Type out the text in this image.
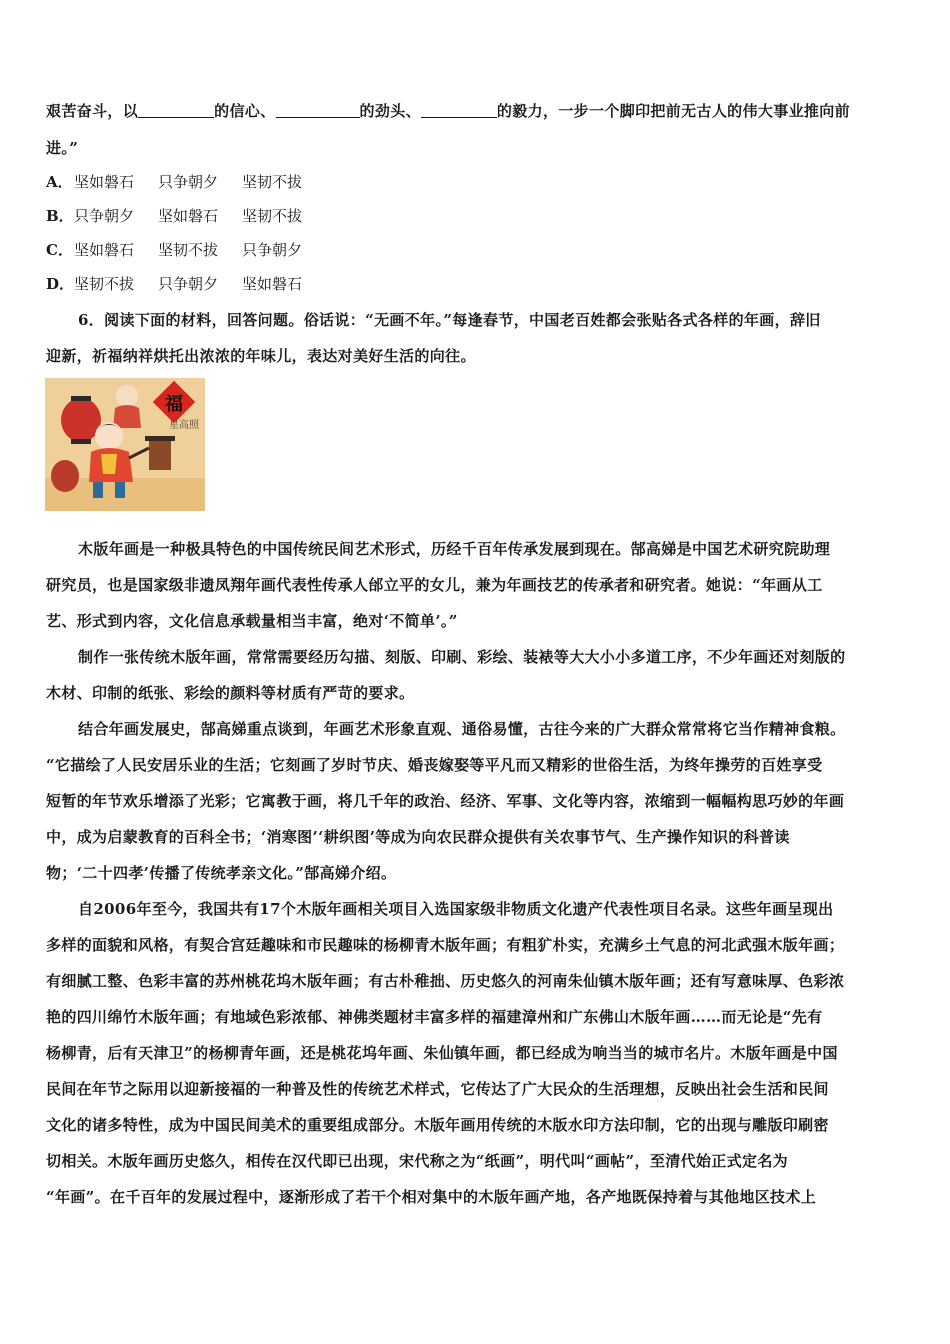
艰苦奋斗，以	的信心、	的劲头、	的毅力，一步一个脚印把前无古人的伟大事业推向前
进。”
A．坚如磐石 只争朝夕 坚韧不拔
B．只争朝夕 坚如磐石 坚韧不拔
C．坚如磐石 坚韧不拔 只争朝夕
D．坚韧不拔 只争朝夕 坚如磐石
6．阅读下面的材料，回答问题。俗话说：“无画不年。”每逢春节，中国老百姓都会张贴各式各样的年画，辞旧
迎新，祈福纳祥烘托出浓浓的年味儿，表达对美好生活的向往。
福
星高照
木版年画是一种极具特色的中国传统民间艺术形式，历经千百年传承发展到现在。郜高娣是中国艺术研究院助理
研究员，也是国家级非遗凤翔年画代表性传承人邰立平的女儿，兼为年画技艺的传承者和研究者。她说：“年画从工
艺、形式到内容，文化信息承载量相当丰富，绝对‘不简单’。”
制作一张传统木版年画，常常需要经历勾描、刻版、印刷、彩绘、装裱等大大小小多道工序，不少年画还对刻版的
木材、印制的纸张、彩绘的颜料等材质有严苛的要求。
结合年画发展史，郜高娣重点谈到，年画艺术形象直观、通俗易懂，古往今来的广大群众常常将它当作精神食粮。
“它描绘了人民安居乐业的生活；它刻画了岁时节庆、婚丧嫁娶等平凡而又精彩的世俗生活，为终年操劳的百姓享受
短暂的年节欢乐增添了光彩；它寓教于画，将几千年的政治、经济、军事、文化等内容，浓缩到一幅幅构思巧妙的年画
中，成为启蒙教育的百科全书；‘消寒图’‘耕织图’等成为向农民群众提供有关农事节气、生产操作知识的科普读
物；‘二十四孝’传播了传统孝亲文化。”郜高娣介绍。
自2006年至今，我国共有17个木版年画相关项目入选国家级非物质文化遗产代表性项目名录。这些年画呈现出
多样的面貌和风格，有契合宫廷趣味和市民趣味的杨柳青木版年画；有粗犷朴实，充满乡土气息的河北武强木版年画；
有细腻工整、色彩丰富的苏州桃花坞木版年画；有古朴稚拙、历史悠久的河南朱仙镇木版年画；还有写意味厚、色彩浓
艳的四川绵竹木版年画；有地域色彩浓郁、神佛类题材丰富多样的福建漳州和广东佛山木版年画……而无论是“先有
杨柳青，后有天津卫”的杨柳青年画，还是桃花坞年画、朱仙镇年画，都已经成为响当当的城市名片。木版年画是中国
民间在年节之际用以迎新接福的一种普及性的传统艺术样式，它传达了广大民众的生活理想，反映出社会生活和民间
文化的诸多特性，成为中国民间美术的重要组成部分。木版年画用传统的木版水印方法印制，它的出现与雕版印刷密
切相关。木版年画历史悠久，相传在汉代即已出现，宋代称之为“纸画”，明代叫“画帖”，至清代始正式定名为
“年画”。在千百年的发展过程中，逐渐形成了若干个相对集中的木版年画产地，各产地既保持着与其他地区技术上
